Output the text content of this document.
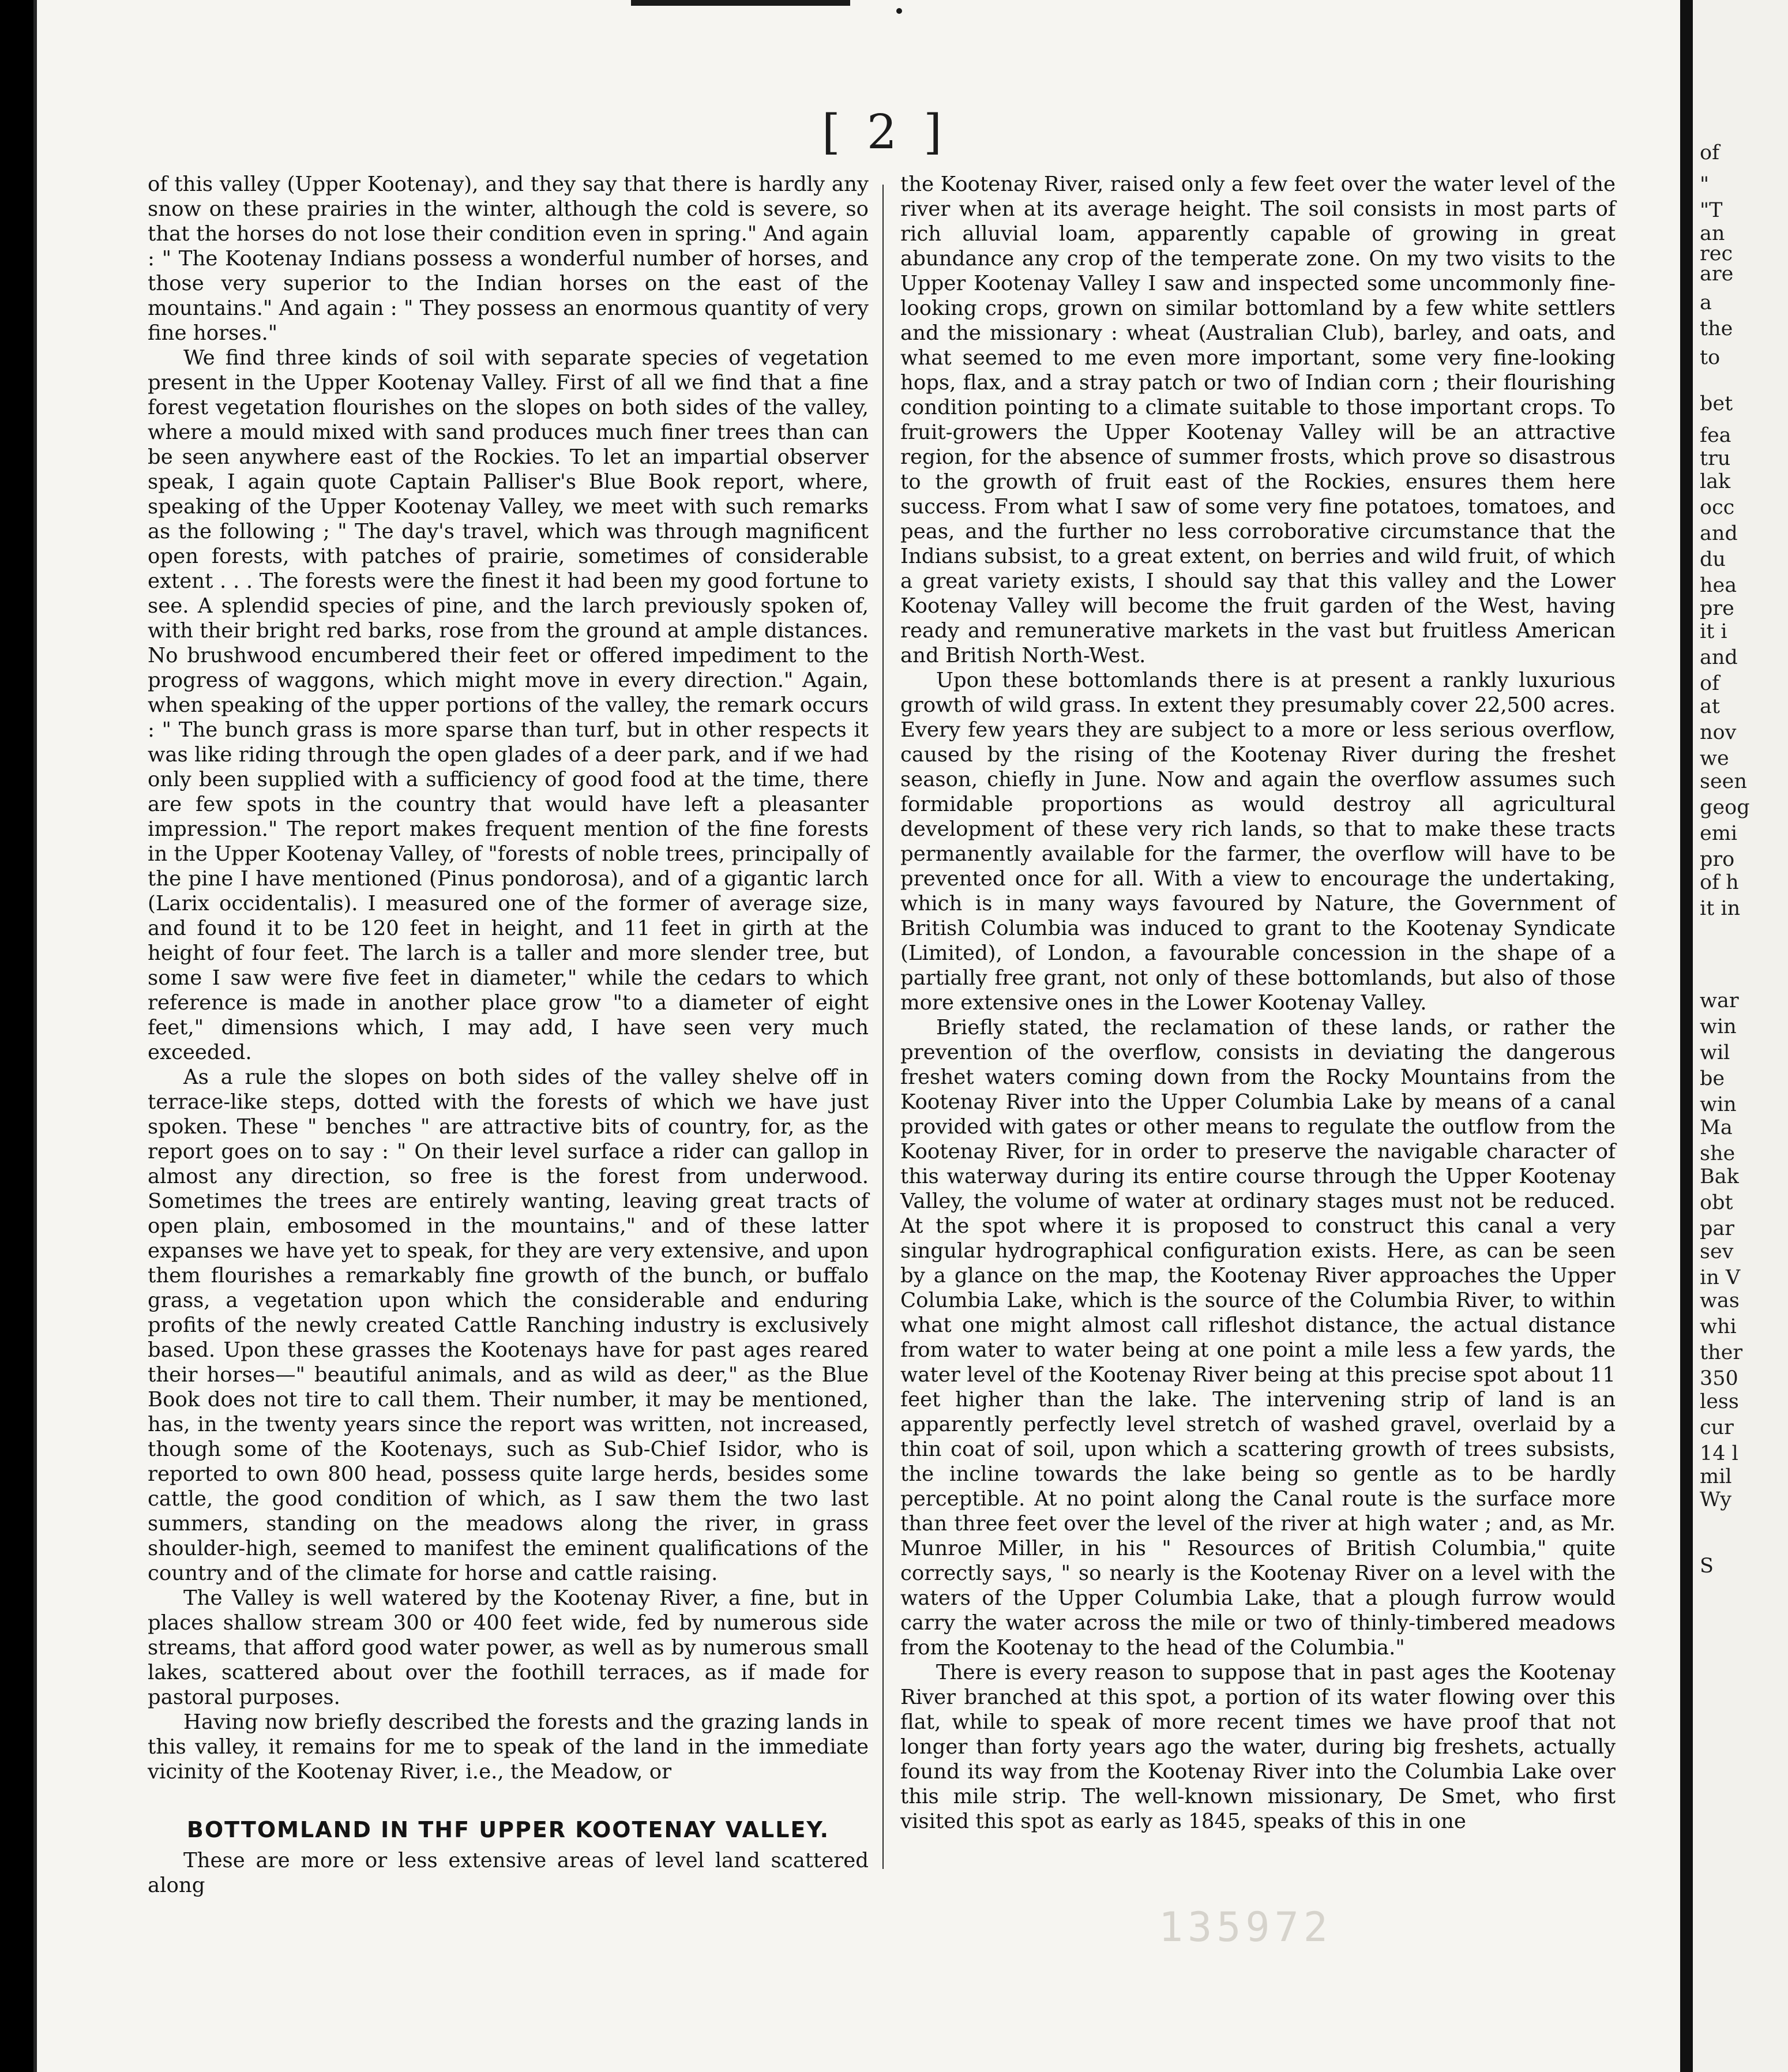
[ 2 ]

of this valley (Upper Kootenay), and they say that there is hardly any snow on these prairies in the winter, although the cold is severe, so that the horses do not lose their condition even in spring." And again : " The Kootenay Indians possess a wonderful number of horses, and those very superior to the Indian horses on the east of the mountains." And again : " They possess an enormous quantity of very fine horses."

We find three kinds of soil with separate species of vegetation present in the Upper Kootenay Valley. First of all we find that a fine forest vegetation flourishes on the slopes on both sides of the valley, where a mould mixed with sand produces much finer trees than can be seen anywhere east of the Rockies. To let an impartial observer speak, I again quote Captain Palliser's Blue Book report, where, speaking of the Upper Kootenay Valley, we meet with such remarks as the following ; " The day's travel, which was through magnificent open forests, with patches of prairie, sometimes of considerable extent . . . The forests were the finest it had been my good fortune to see. A splendid species of pine, and the larch previously spoken of, with their bright red barks, rose from the ground at ample distances. No brushwood encumbered their feet or offered impediment to the progress of waggons, which might move in every direction." Again, when speaking of the upper portions of the valley, the remark occurs : " The bunch grass is more sparse than turf, but in other respects it was like riding through the open glades of a deer park, and if we had only been supplied with a sufficiency of good food at the time, there are few spots in the country that would have left a pleasanter impression." The report makes frequent mention of the fine forests in the Upper Kootenay Valley, of "forests of noble trees, principally of the pine I have mentioned (Pinus pondorosa), and of a gigantic larch (Larix occidentalis). I measured one of the former of average size, and found it to be 120 feet in height, and 11 feet in girth at the height of four feet. The larch is a taller and more slender tree, but some I saw were five feet in diameter," while the cedars to which reference is made in another place grow "to a diameter of eight feet," dimensions which, I may add, I have seen very much exceeded.

As a rule the slopes on both sides of the valley shelve off in terrace-like steps, dotted with the forests of which we have just spoken. These " benches " are attractive bits of country, for, as the report goes on to say : " On their level surface a rider can gallop in almost any direction, so free is the forest from underwood. Sometimes the trees are entirely wanting, leaving great tracts of open plain, embosomed in the mountains," and of these latter expanses we have yet to speak, for they are very extensive, and upon them flourishes a remarkably fine growth of the bunch, or buffalo grass, a vegetation upon which the considerable and enduring profits of the newly created Cattle Ranching industry is exclusively based. Upon these grasses the Kootenays have for past ages reared their horses—" beautiful animals, and as wild as deer," as the Blue Book does not tire to call them. Their number, it may be mentioned, has, in the twenty years since the report was written, not increased, though some of the Kootenays, such as Sub-Chief Isidor, who is reported to own 800 head, possess quite large herds, besides some cattle, the good condition of which, as I saw them the two last summers, standing on the meadows along the river, in grass shoulder-high, seemed to manifest the eminent qualifications of the country and of the climate for horse and cattle raising.

The Valley is well watered by the Kootenay River, a fine, but in places shallow stream 300 or 400 feet wide, fed by numerous side streams, that afford good water power, as well as by numerous small lakes, scattered about over the foothill terraces, as if made for pastoral purposes.

Having now briefly described the forests and the grazing lands in this valley, it remains for me to speak of the land in the immediate vicinity of the Kootenay River, i.e., the Meadow, or

BOTTOMLAND IN THF UPPER KOOTENAY VALLEY.

These are more or less extensive areas of level land scattered along

the Kootenay River, raised only a few feet over the water level of the river when at its average height. The soil consists in most parts of rich alluvial loam, apparently capable of growing in great abundance any crop of the temperate zone. On my two visits to the Upper Kootenay Valley I saw and inspected some uncommonly fine-looking crops, grown on similar bottomland by a few white settlers and the missionary : wheat (Australian Club), barley, and oats, and what seemed to me even more important, some very fine-looking hops, flax, and a stray patch or two of Indian corn ; their flourishing condition pointing to a climate suitable to those important crops. To fruit-growers the Upper Kootenay Valley will be an attractive region, for the absence of summer frosts, which prove so disastrous to the growth of fruit east of the Rockies, ensures them here success. From what I saw of some very fine potatoes, tomatoes, and peas, and the further no less corroborative circumstance that the Indians subsist, to a great extent, on berries and wild fruit, of which a great variety exists, I should say that this valley and the Lower Kootenay Valley will become the fruit garden of the West, having ready and remunerative markets in the vast but fruitless American and British North-West.

Upon these bottomlands there is at present a rankly luxurious growth of wild grass. In extent they presumably cover 22,500 acres. Every few years they are subject to a more or less serious overflow, caused by the rising of the Kootenay River during the freshet season, chiefly in June. Now and again the overflow assumes such formidable proportions as would destroy all agricultural development of these very rich lands, so that to make these tracts permanently available for the farmer, the overflow will have to be prevented once for all. With a view to encourage the undertaking, which is in many ways favoured by Nature, the Government of British Columbia was induced to grant to the Kootenay Syndicate (Limited), of London, a favourable concession in the shape of a partially free grant, not only of these bottomlands, but also of those more extensive ones in the Lower Kootenay Valley.

Briefly stated, the reclamation of these lands, or rather the prevention of the overflow, consists in deviating the dangerous freshet waters coming down from the Rocky Mountains from the Kootenay River into the Upper Columbia Lake by means of a canal provided with gates or other means to regulate the outflow from the Kootenay River, for in order to preserve the navigable character of this waterway during its entire course through the Upper Kootenay Valley, the volume of water at ordinary stages must not be reduced. At the spot where it is proposed to construct this canal a very singular hydrographical configuration exists. Here, as can be seen by a glance on the map, the Kootenay River approaches the Upper Columbia Lake, which is the source of the Columbia River, to within what one might almost call rifleshot distance, the actual distance from water to water being at one point a mile less a few yards, the water level of the Kootenay River being at this precise spot about 11 feet higher than the lake. The intervening strip of land is an apparently perfectly level stretch of washed gravel, overlaid by a thin coat of soil, upon which a scattering growth of trees subsists, the incline towards the lake being so gentle as to be hardly perceptible. At no point along the Canal route is the surface more than three feet over the level of the river at high water ; and, as Mr. Munroe Miller, in his " Resources of British Columbia," quite correctly says, " so nearly is the Kootenay River on a level with the waters of the Upper Columbia Lake, that a plough furrow would carry the water across the mile or two of thinly-timbered meadows from the Kootenay to the head of the Columbia."

There is every reason to suppose that in past ages the Kootenay River branched at this spot, a portion of its water flowing over this flat, while to speak of more recent times we have proof that not longer than forty years ago the water, during big freshets, actually found its way from the Kootenay River into the Columbia Lake over this mile strip. The well-known missionary, De Smet, who first visited this spot as early as 1845, speaks of this in one

135972
of
"
"T
an
rec
are
a
the
to
bet
fea
tru
lak
occ
and
du
hea
pre
it i
and
of
at
nov
we
seen
geog
emi
pro
of h
it in
war
win
wil
be
win
Ma
she
Bak
obt
par
sev
in V
was
whi
ther
350
less
cur
14 l
mil
Wy
S
